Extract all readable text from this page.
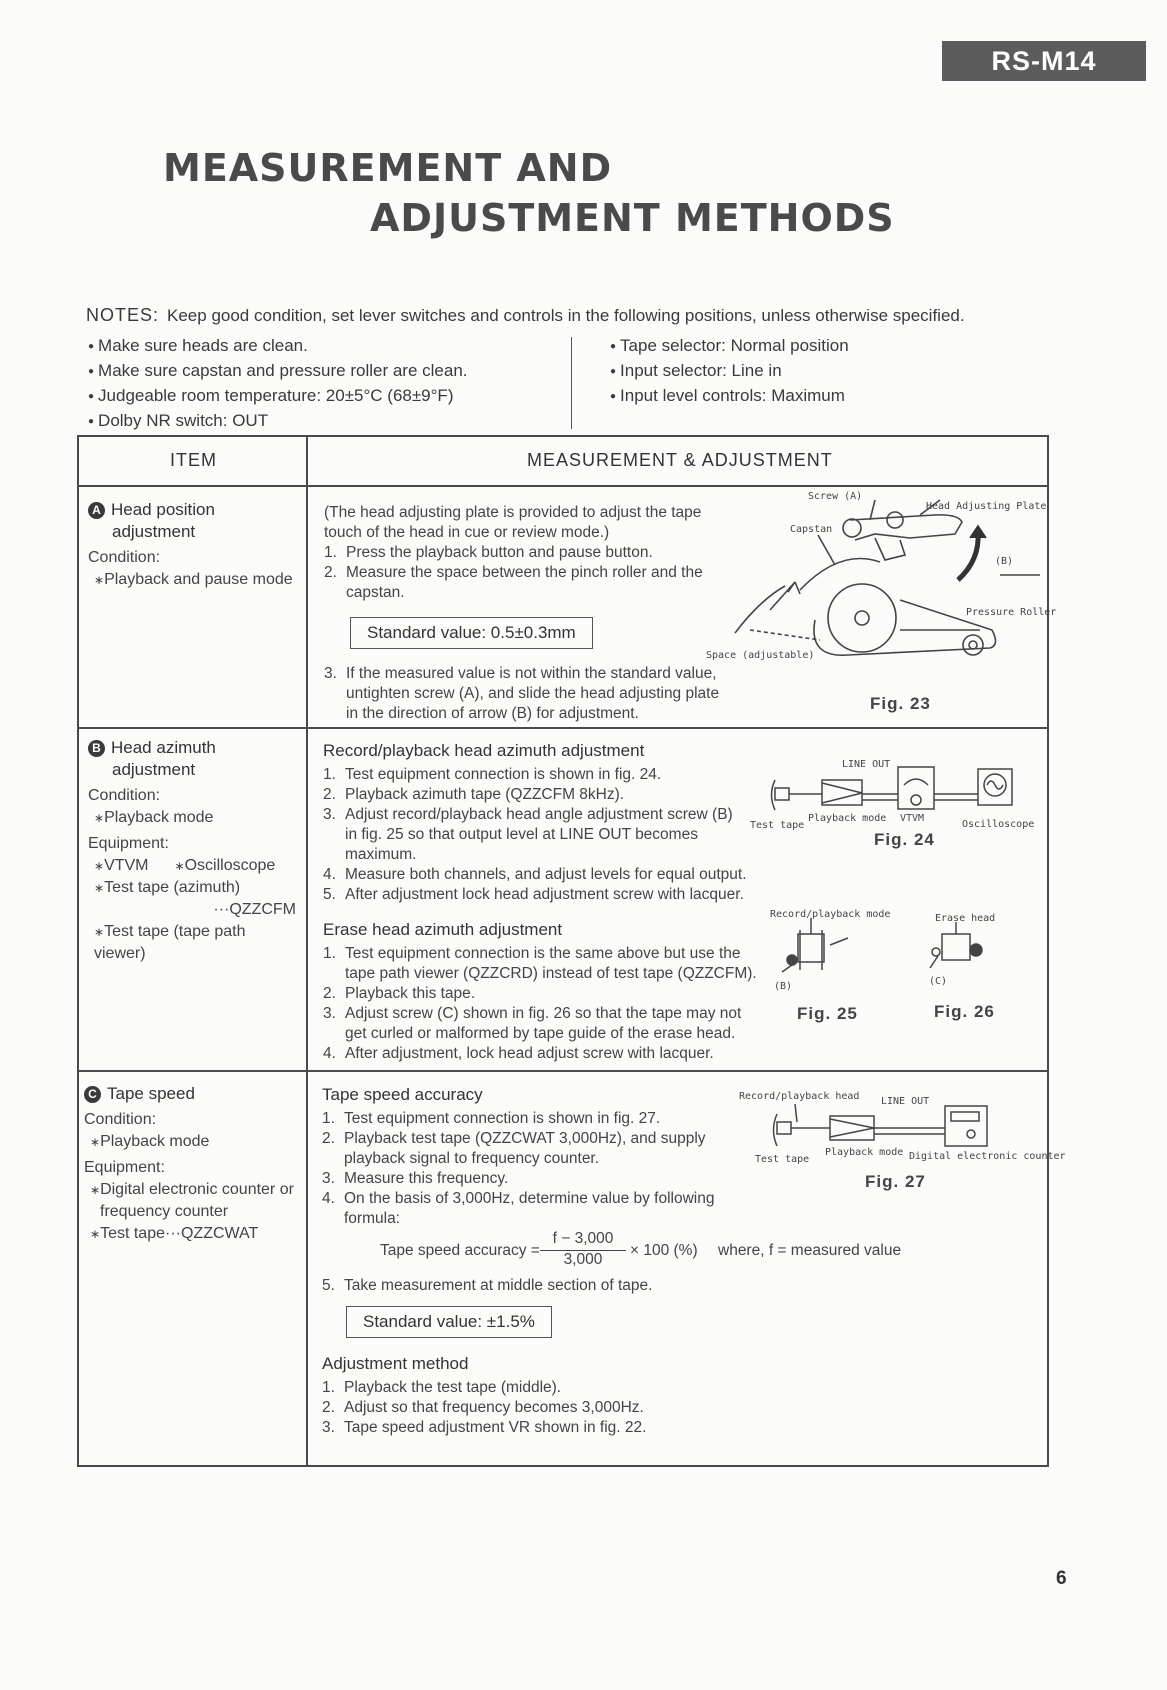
RS-M14
MEASUREMENT AND
ADJUSTMENT METHODS
NOTES: Keep good condition, set lever switches and controls in the following positions, unless otherwise specified.
● Make sure heads are clean.
● Make sure capstan and pressure roller are clean.
● Judgeable room temperature: 20±5°C (68±9°F)
● Dolby NR switch: OUT
● Tape selector: Normal position
● Input selector: Line in
● Input level controls: Maximum
ITEM	MEASUREMENT & ADJUSTMENT
A Head position
adjustment
Condition:
∗ Playback and pause mode
(The head adjusting plate is provided to adjust the tape
touch of the head in cue or review mode.)
1. Press the playback button and pause button.
2. Measure the space between the pinch roller and the
capstan.
Standard value: 0.5±0.3mm
3. If the measured value is not within the standard value,
untighten screw (A), and slide the head adjusting plate
in the direction of arrow (B) for adjustment.
Screw (A)
Head Adjusting Plate
Capstan
(B)
Pressure Roller
Space (adjustable)
Fig. 23
B Head azimuth
adjustment
Condition:
∗ Playback mode
Equipment:
∗ VTVM∗ Oscilloscope
∗ Test tape (azimuth)
···QZZCFM
∗ Test tape (tape path viewer)
Record/playback head azimuth adjustment
1. Test equipment connection is shown in fig. 24.
2. Playback azimuth tape (QZZCFM 8kHz).
3. Adjust record/playback head angle adjustment screw (B)
in fig. 25 so that output level at LINE OUT becomes
maximum.
4. Measure both channels, and adjust levels for equal output.
5. After adjustment lock head adjustment screw with lacquer.
Erase head azimuth adjustment
1. Test equipment connection is the same above but use the
tape path viewer (QZZCRD) instead of test tape (QZZCFM).
2. Playback this tape.
3. Adjust screw (C) shown in fig. 26 so that the tape may not
get curled or malformed by tape guide of the erase head.
4. After adjustment, lock head adjust screw with lacquer.
LINE OUT
Test tape
Playback mode VTVM
Oscilloscope
Fig. 24
Record/playback mode
(B)
Fig. 25
Erase head
(C)
Fig. 26
C Tape speed
Condition:
∗ Playback mode
Equipment:
∗ Digital electronic counter or
frequency counter
∗ Test tape···QZZCWAT
Tape speed accuracy
1. Test equipment connection is shown in fig. 27.
2. Playback test tape (QZZCWAT 3,000Hz), and supply
playback signal to frequency counter.
3. Measure this frequency.
4. On the basis of 3,000Hz, determine value by following
formula:
Tape speed accuracy = $\frac{f - 3,000}{3,000} \times 100$ (%) where, f = measured value
5. Take measurement at middle section of tape.
Standard value: ±1.5%
Adjustment method
1. Playback the test tape (middle).
2. Adjust so that frequency becomes 3,000Hz.
3. Tape speed adjustment VR shown in fig. 22.
Record/playback head LINE OUT
Test tape
Playback mode Digital electronic counter
Fig. 27
6
